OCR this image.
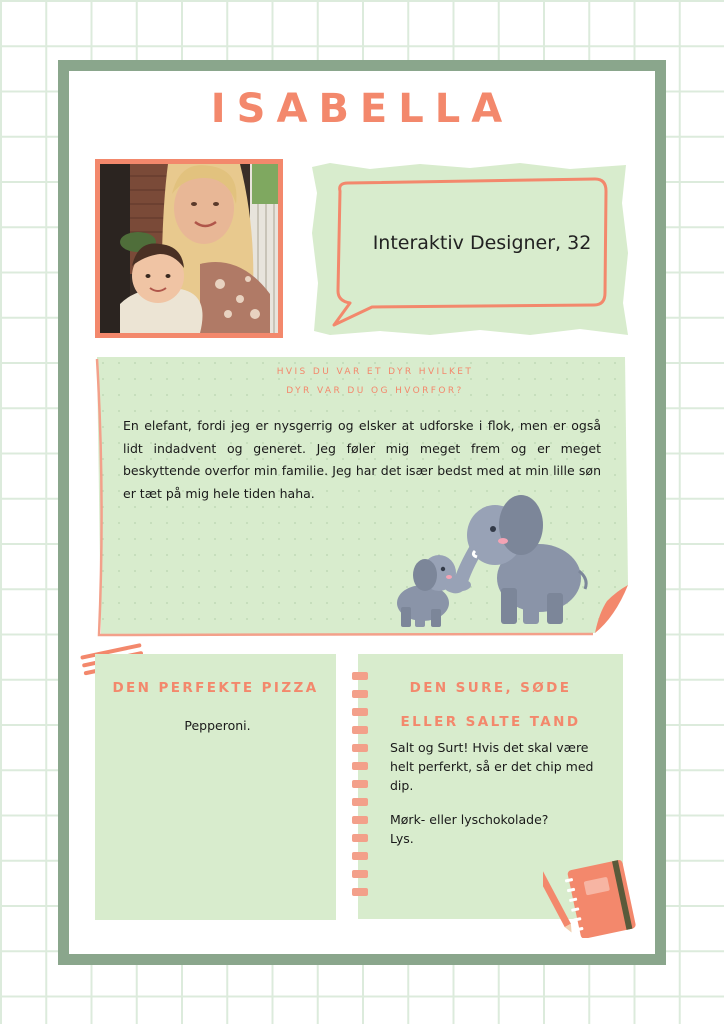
ISABELLA
Interaktiv Designer, 32
HVIS DU VAR ET DYR HVILKET
DYR VAR DU OG HVORFOR?

En elefant, fordi jeg er nysgerrig og elsker at udforske i flok, men er også lidt indadvent og generet. Jeg føler mig meget frem og er meget beskyttende overfor min familie. Jeg har det især bedst med at min lille søn er tæt på mig hele tiden haha.

DEN PERFEKTE PIZZA

Pepperoni.

DEN SURE, SØDE
ELLER SALTE TAND

Salt og Surt! Hvis det skal være helt perferkt, så er det chip med dip.

Mørk- eller lyschokolade?

Lys.
